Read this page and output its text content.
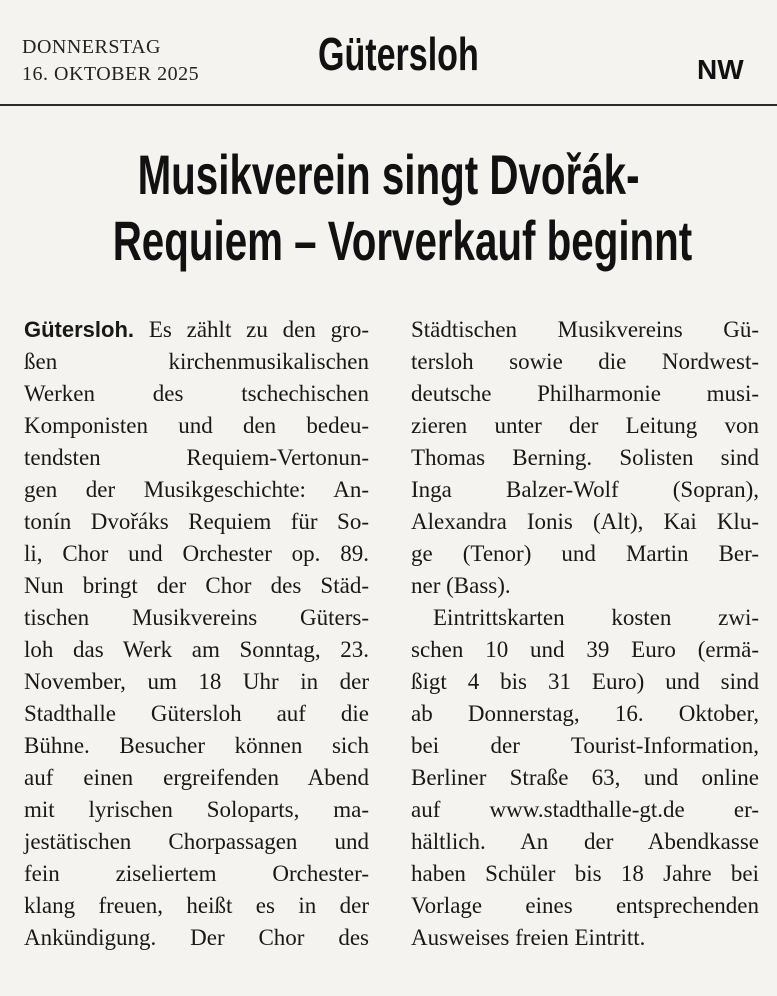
DONNERSTAG
16. OKTOBER 2025	Gütersloh	NW
Musikverein singt Dvořák-
Requiem – Vorverkauf beginnt
Gütersloh. Es zählt zu den gro-
ßen kirchenmusikalischen
Werken des tschechischen
Komponisten und den bedeu-
tendsten Requiem-Vertonun-
gen der Musikgeschichte: An-
tonín Dvořáks Requiem für So-
li, Chor und Orchester op. 89.
Nun bringt der Chor des Städ-
tischen Musikvereins Güters-
loh das Werk am Sonntag, 23.
November, um 18 Uhr in der
Stadthalle Gütersloh auf die
Bühne. Besucher können sich
auf einen ergreifenden Abend
mit lyrischen Soloparts, ma-
jestätischen Chorpassagen und
fein ziseliertem Orchester-
klang freuen, heißt es in der
Ankündigung. Der Chor des
Städtischen Musikvereins Gü-
tersloh sowie die Nordwest-
deutsche Philharmonie musi-
zieren unter der Leitung von
Thomas Berning. Solisten sind
Inga Balzer-Wolf (Sopran),
Alexandra Ionis (Alt), Kai Klu-
ge (Tenor) und Martin Ber-
ner (Bass).
Eintrittskarten kosten zwi-
schen 10 und 39 Euro (ermä-
ßigt 4 bis 31 Euro) und sind
ab Donnerstag, 16. Oktober,
bei der Tourist-Information,
Berliner Straße 63, und online
auf www.stadthalle-gt.de er-
hältlich. An der Abendkasse
haben Schüler bis 18 Jahre bei
Vorlage eines entsprechenden
Ausweises freien Eintritt.
